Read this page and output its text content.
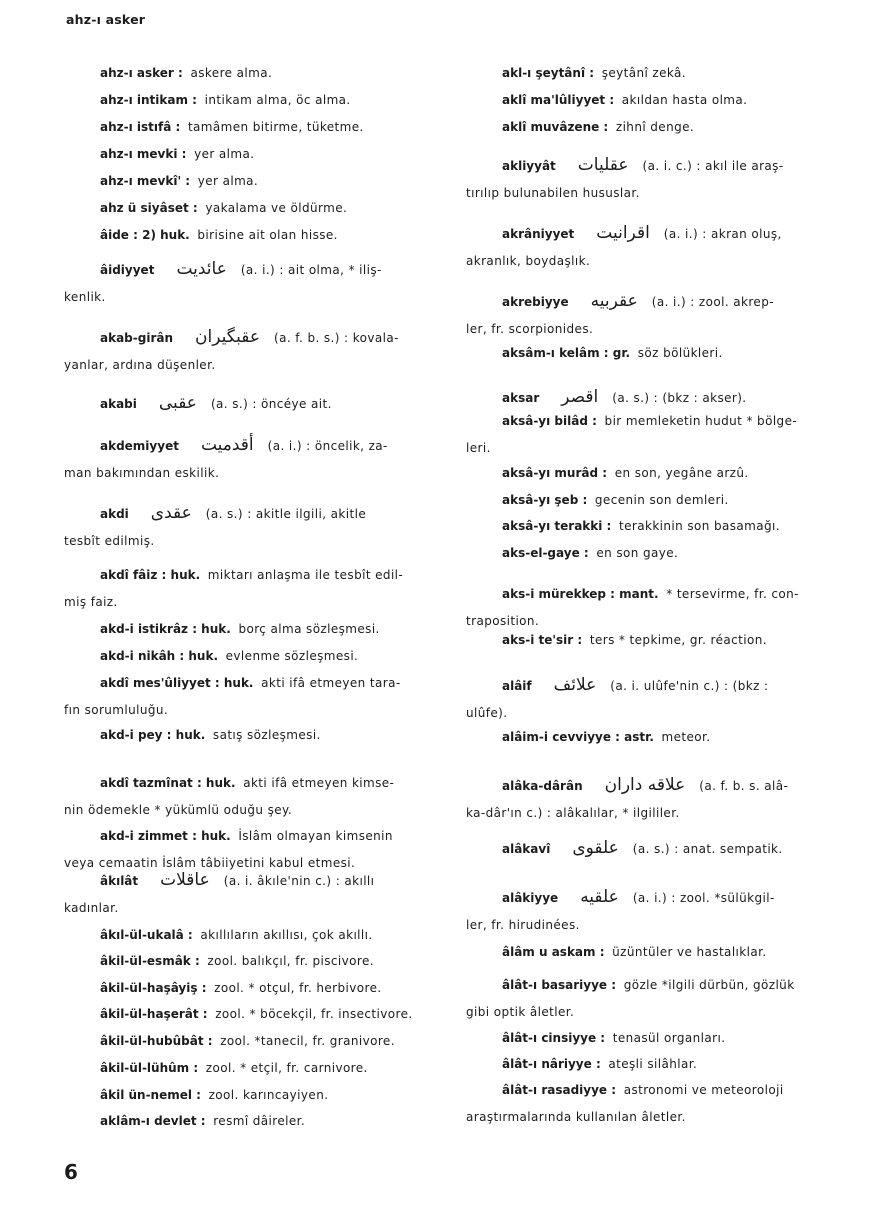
ahz-ı asker
ahz-ı asker :
askere alma.
ahz-ı intikam :
intikam alma, öc alma.
ahz-ı istıfâ :
tamâmen bitirme, tüketme.
ahz-ı mevki :
yer alma.
ahz-ı mevkî' :
yer alma.
ahz ü siyâset :
yakalama ve öldürme.
âide : 2) huk.
birisine ait olan hisse.
âidiyyet عائدیت (a. i.) : ait olma, * iliş-
kenlik.
akab-girân عقبگیران (a. f. b. s.) : kovala-
yanlar, ardına düşenler.
akabi عقبی (a. s.) : öncéye ait.
akdemiyyet أقدمیت (a. i.) : öncelik, za-
man bakımından eskilik.
akdi عقدی (a. s.) : akitle ilgili, akitle
tesbît edilmiş.
akdî fâiz : huk.
miktarı anlaşma ile tesbît edil-
miş faiz.
akd-i istikrâz : huk.
borç alma sözleşmesi.
akd-i nikâh : huk.
evlenme sözleşmesi.
akdî mes'ûliyyet : huk.
akti ifâ etmeyen tara-
fın sorumluluğu.
akd-i pey : huk.
satış sözleşmesi.
akdî tazmînat : huk.
akti ifâ etmeyen kimse-
nin ödemekle * yükümlü oduğu şey.
akd-i zimmet : huk.
İslâm olmayan kimsenin
veya cemaatin İslâm tâbiiyetini kabul etmesi.
âkılât عاقلات (a. i. âkıle'nin c.) : akıllı
kadınlar.
âkıl-ül-ukalâ :
akıllıların akıllısı, çok akıllı.
âkil-ül-esmâk :
zool. balıkçıl, fr. piscivore.
âkil-ül-haşâyiş :
zool. * otçul, fr. herbivore.
âkil-ül-haşerât :
zool. * böcekçil, fr. insectivore.
âkil-ül-hubûbât :
zool. *tanecil, fr. granivore.
âkil-ül-lühûm :
zool. * etçil, fr. carnivore.
âkil ün-nemel :
zool. karıncayiyen.
aklâm-ı devlet :
resmî dâireler.
akl-ı şeytânî :
şeytânî zekâ.
aklî ma'lûliyyet :
akıldan hasta olma.
aklî muvâzene :
zihnî denge.
akliyyât عقلیات (a. i. c.) : akıl ile araş-
tırılıp bulunabilen hususlar.
akrâniyyet اقرانیت (a. i.) : akran oluş,
akranlık, boydaşlık.
akrebiyye عقربیه (a. i.) : zool. akrep-
ler, fr. scorpionides.
aksâm-ı kelâm : gr.
söz bölükleri.
aksar اقصر (a. s.) : (bkz : akser).
aksâ-yı bilâd :
bir memleketin hudut * bölge-
leri.
aksâ-yı murâd :
en son, yegâne arzû.
aksâ-yı şeb :
gecenin son demleri.
aksâ-yı terakki :
terakkinin son basamağı.
aks-el-gaye :
en son gaye.
aks-i mürekkep : mant.
* tersevirme, fr. con-
traposition.
aks-i te'sir :
ters * tepkime, gr. réaction.
alâif علائف (a. i. ulûfe'nin c.) : (bkz :
ulûfe).
alâim-i cevviyye : astr.
meteor.
alâka-dârân علاقه داران (a. f. b. s. alâ-
ka-dâr'ın c.) : alâkalılar, * ilgililer.
alâkavî علقوی (a. s.) : anat. sempatik.
alâkiyye علقیه (a. i.) : zool. *sülükgil-
ler, fr. hirudinées.
âlâm u askam :
üzüntüler ve hastalıklar.
âlât-ı basariyye :
gözle *ilgili dürbün, gözlük
gibi optik âletler.
âlât-ı cinsiyye :
tenasül organları.
âlât-ı nâriyye :
ateşli silâhlar.
âlât-ı rasadiyye :
astronomi ve meteoroloji
araştırmalarında kullanılan âletler.
6
